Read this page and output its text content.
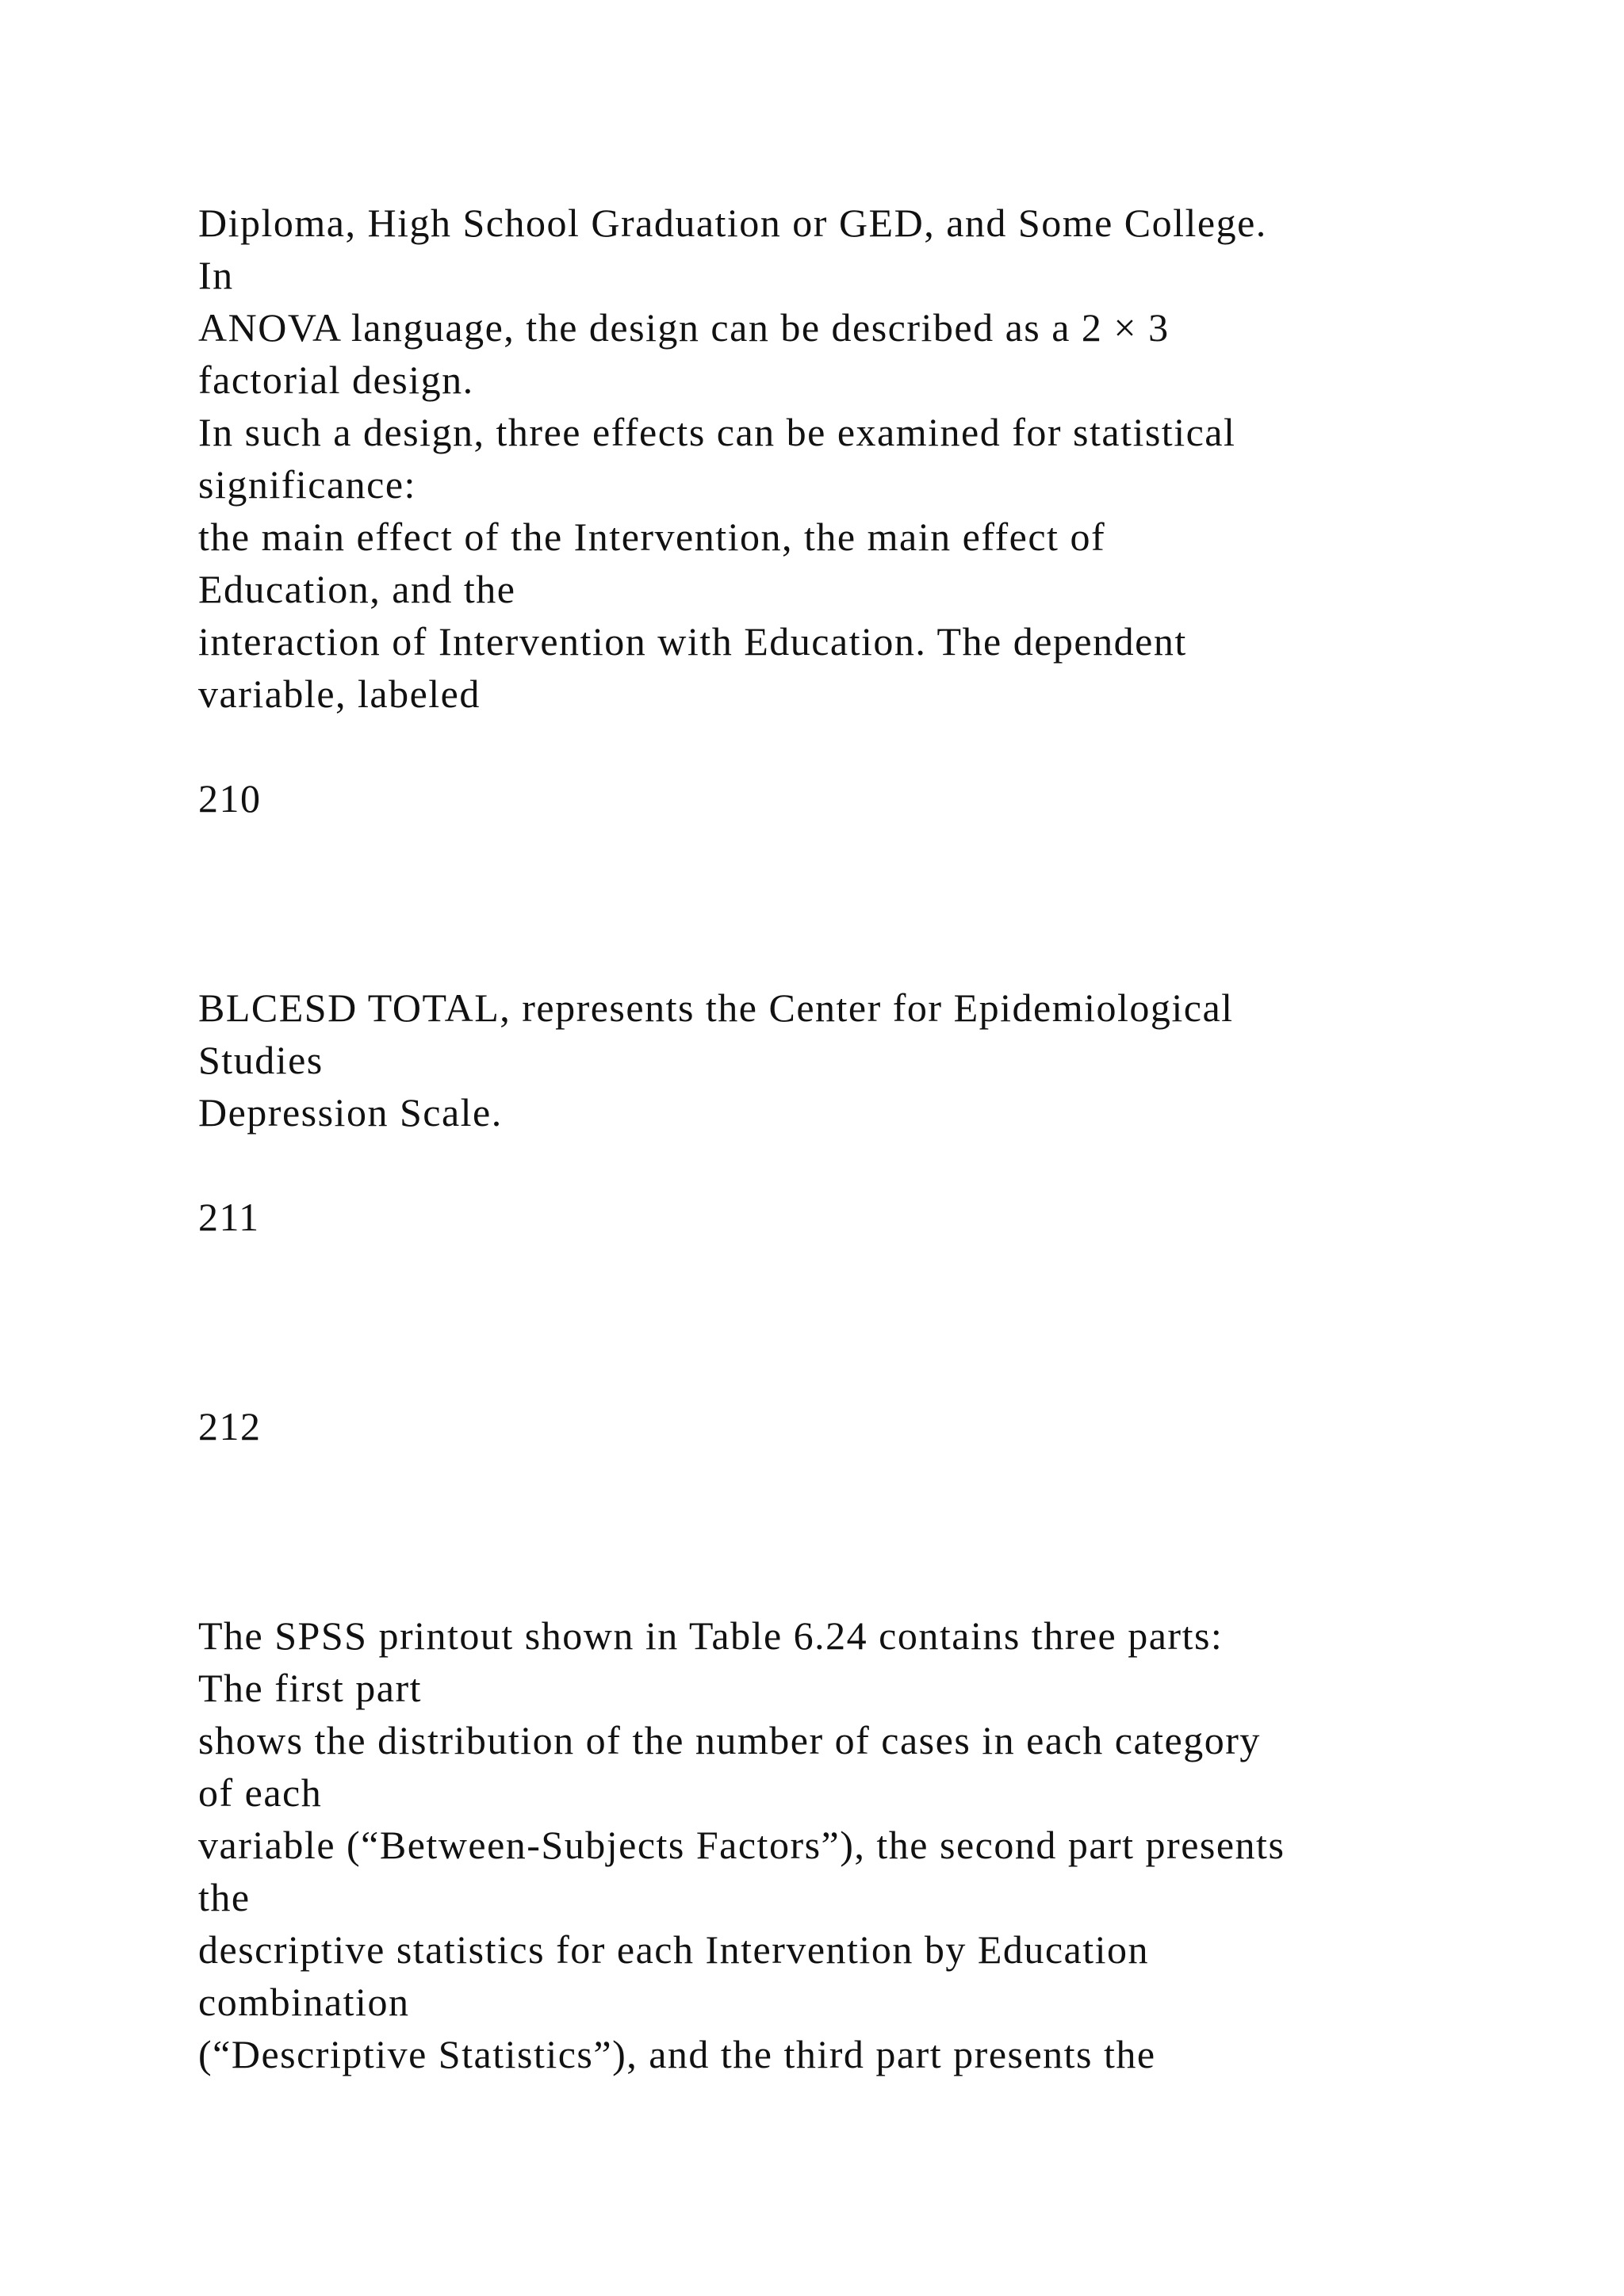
Diploma, High School Graduation or GED, and Some College.

In

ANOVA language, the design can be described as a 2 × 3

factorial design.

In such a design, three effects can be examined for statistical

significance:

the main effect of the Intervention, the main effect of

Education, and the

interaction of Intervention with Education. The dependent

variable, labeled

210

BLCESD TOTAL, represents the Center for Epidemiological

Studies

Depression Scale.

211

212

The SPSS printout shown in Table 6.24 contains three parts:

The first part

shows the distribution of the number of cases in each category

of each

variable (“Between-Subjects Factors”), the second part presents

the

descriptive statistics for each Intervention by Education

combination

(“Descriptive Statistics”), and the third part presents the
